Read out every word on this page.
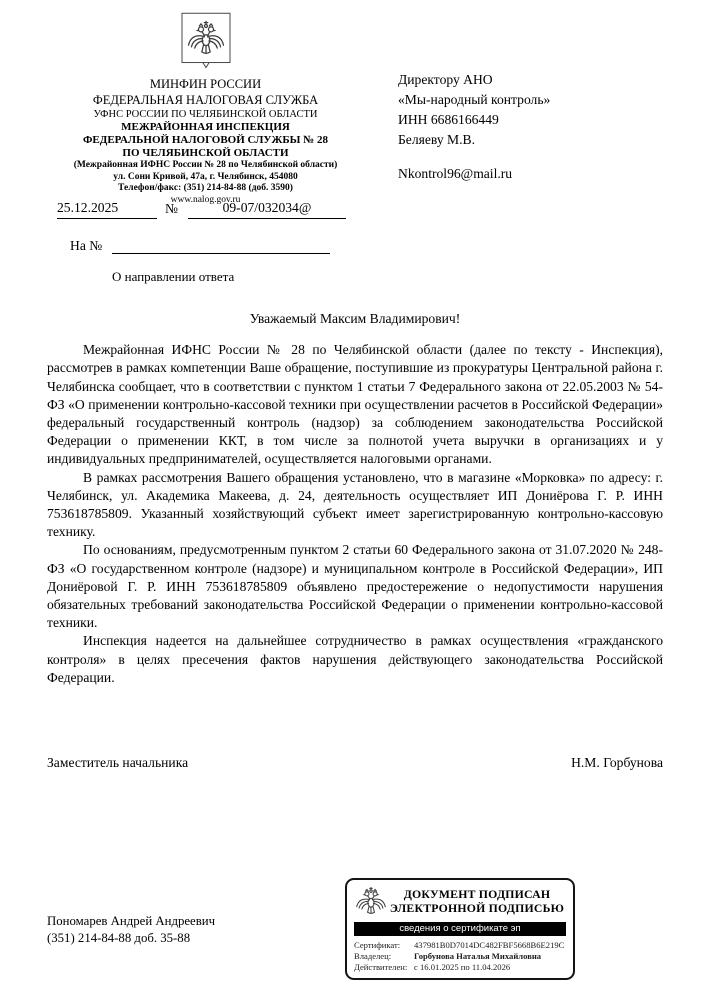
МИНФИН РОССИИ
ФЕДЕРАЛЬНАЯ НАЛОГОВАЯ СЛУЖБА
УФНС РОССИИ ПО ЧЕЛЯБИНСКОЙ ОБЛАСТИ
МЕЖРАЙОННАЯ ИНСПЕКЦИЯ
ФЕДЕРАЛЬНОЙ НАЛОГОВОЙ СЛУЖБЫ № 28
ПО ЧЕЛЯБИНСКОЙ ОБЛАСТИ
(Межрайонная ИФНС России № 28 по Челябинской области)
ул. Сони Кривой, 47а, г. Челябинск, 454080
Телефон/факс: (351) 214-84-88 (доб. 3590)
www.nalog.gov.ru
Директору АНО
«Мы-народный контроль»
ИНН 6686166449
Беляеву М.В.
Nkontrol96@mail.ru
25.12.2025	№	09-07/032034@
На №
О направлении ответа

Уважаемый Максим Владимирович!

Межрайонная ИФНС России № 28 по Челябинской области (далее по тексту - Инспекция), рассмотрев в рамках компетенции Ваше обращение, поступившие из прокуратуры Центральной района г. Челябинска сообщает, что в соответствии с пунктом 1 статьи 7 Федерального закона от 22.05.2003 № 54-ФЗ «О применении контрольно-кассовой техники при осуществлении расчетов в Российской Федерации» федеральный государственный контроль (надзор) за соблюдением законодательства Российской Федерации о применении ККТ, в том числе за полнотой учета выручки в организациях и у индивидуальных предпринимателей, осуществляется налоговыми органами.

В рамках рассмотрения Вашего обращения установлено, что в магазине «Морковка» по адресу: г. Челябинск, ул. Академика Макеева, д. 24, деятельность осуществляет ИП Дониёрова Г. Р. ИНН 753618785809. Указанный хозяйствующий субъект имеет зарегистрированную контрольно-кассовую технику.

По основаниям, предусмотренным пунктом 2 статьи 60 Федерального закона от 31.07.2020 № 248-ФЗ «О государственном контроле (надзоре) и муниципальном контроле в Российской Федерации», ИП Дониёровой Г. Р. ИНН 753618785809 объявлено предостережение о недопустимости нарушения обязательных требований законодательства Российской Федерации о применении контрольно-кассовой техники.

Инспекция надеется на дальнейшее сотрудничество в рамках осуществления «гражданского контроля» в целях пресечения фактов нарушения действующего законодательства Российской Федерации.

Заместитель начальника	Н.М. Горбунова
Пономарев Андрей Андреевич
(351) 214-84-88 доб. 35-88
ДОКУМЕНТ ПОДПИСАН
ЭЛЕКТРОННОЙ ПОДПИСЬЮ
сведения о сертификате эп
Сертификат:	437981B0D7014DC482FBF5668B6E219C
Владелец:	Горбунова Наталья Михайловна
Действителен: с 16.01.2025 по 11.04.2026
